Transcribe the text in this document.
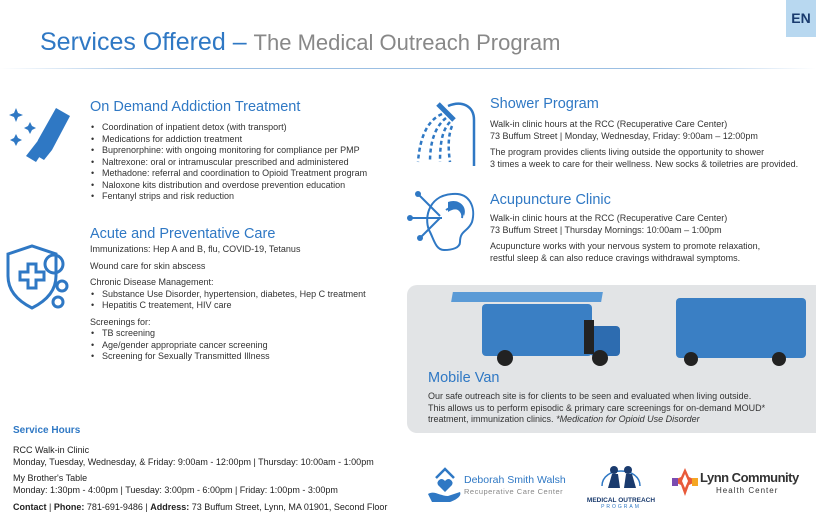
EN
Services Offered – The Medical Outreach Program
On Demand Addiction Treatment
• Coordination of inpatient detox (with transport)
• Medications for addiction treatment
• Buprenorphine: with ongoing monitoring for compliance per PMP
• Naltrexone: oral or intramuscular prescribed and administered
• Methadone: referral and coordination to Opioid Treatment program
• Naloxone kits distribution and overdose prevention education
• Fentanyl strips and risk reduction
Acute and Preventative Care
Immunizations: Hep A and B, flu, COVID-19, Tetanus

Wound care for skin abscess

Chronic Disease Management:

• Substance Use Disorder, hypertension, diabetes, Hep C treatment
• Hepatitis C treatement, HIV care

Screenings for:

• TB screening
• Age/gender appropriate cancer screening
• Screening for Sexually Transmitted Illness
Shower Program
Walk-in clinic hours at the RCC (Recuperative Care Center)
73 Buffum Street | Monday, Wednesday, Friday: 9:00am – 12:00pm

The program provides clients living outside the opportunity to shower

3 times a week to care for their wellness. New socks & toiletries are provided.
Acupuncture Clinic
Walk-in clinic hours at the RCC (Recuperative Care Center)
73 Buffum Street | Thursday Mornings: 10:00am – 1:00pm

Acupuncture works with your nervous system to promote relaxation,

restful sleep & can also reduce cravings withdrawal symptoms.
Mobile Van
Our safe outreach site is for clients to be seen and evaluated when living outside.
This allows us to perform episodic & primary care screenings for on-demand MOUD*
treatment, immunization clinics. *Medication for Opioid Use Disorder
Service Hours
RCC Walk-in Clinic
Monday, Tuesday, Wednesday, & Friday: 9:00am - 12:00pm | Thursday: 10:00am - 1:00pm
My Brother's Table
Monday: 1:30pm - 4:00pm | Tuesday: 3:00pm - 6:00pm | Friday: 1:00pm - 3:00pm
Contact | Phone: 781-691-9486 | Address: 73 Buffum Street, Lynn, MA 01901, Second Floor
Deborah Smith Walsh
Recuperative Care Center
MEDICAL OUTREACH
PROGRAM
Lynn Community
Health Center
